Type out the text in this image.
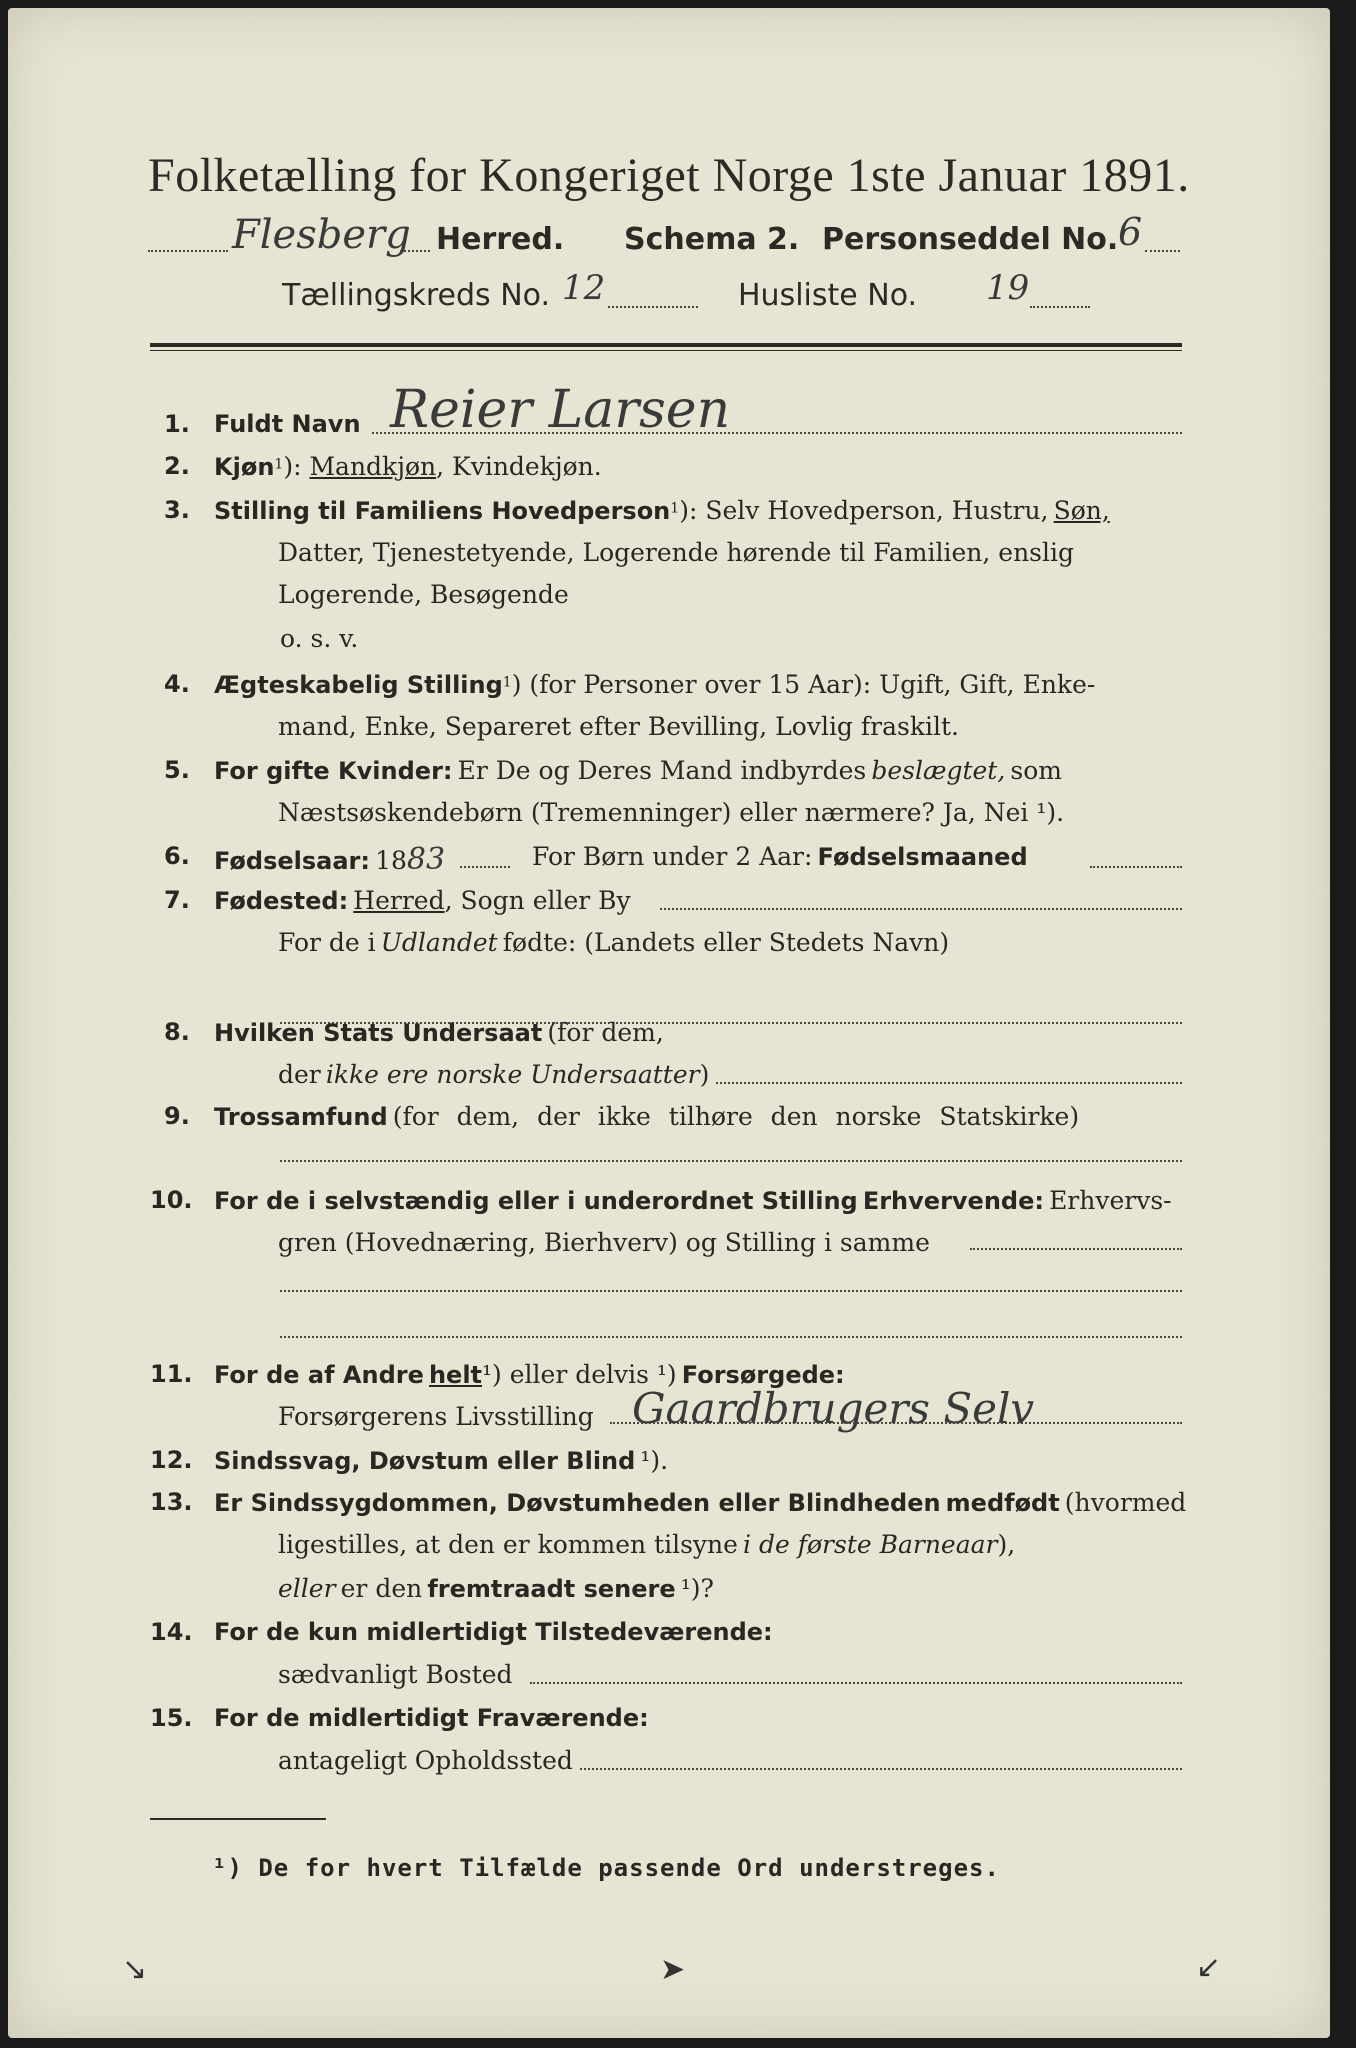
Folketælling for Kongeriget Norge 1ste Januar 1891.
Flesberg Herred. Schema 2. Personseddel No. 6
Tællingskreds No. 12	Husliste No. 19
1. Fuldt Navn Reier Larsen
2. Kjøn$^1$): Mandkjøn, Kvindekjøn.
3. Stilling til Familiens Hovedperson$^1$): Selv Hovedperson, Hustru, Søn,
Datter, Tjenestetyende, Logerende hørende til Familien, enslig
Logerende, Besøgende
o. s. v.
4. Ægteskabelig Stilling$^1$) (for Personer over 15 Aar): Ugift, Gift, Enke-
mand, Enke, Separeret efter Bevilling, Lovlig fraskilt.
5. For gifte Kvinder: Er De og Deres Mand indbyrdes beslægtet, som
Næstsøskendebørn (Tremenninger) eller nærmere? Ja, Nei ¹).
6. Fødselsaar: 1883	For Børn under 2 Aar: Fødselsmaaned
7. Fødested: Herred, Sogn eller By
For de i Udlandet fødte: (Landets eller Stedets Navn)
8. Hvilken Stats Undersaat (for dem,
der ikke ere norske Undersaatter)
9. Trossamfund (for dem, der ikke tilhøre den norske Statskirke)
10. For de i selvstændig eller i underordnet Stilling Erhvervende: Erhvervs-
gren (Hovednæring, Bierhverv) og Stilling i samme
11. For de af Andre helt¹) eller delvis ¹) Forsørgede:
Forsørgerens Livsstilling Gaardbrugers Selv
12. Sindssvag, Døvstum eller Blind ¹).
13. Er Sindssygdommen, Døvstumheden eller Blindheden medfødt (hvormed
ligestilles, at den er kommen tilsyne i de første Barneaar),
eller er den fremtraadt senere ¹)?
14. For de kun midlertidigt Tilstedeværende:
sædvanligt Bosted
15. For de midlertidigt Fraværende:
antageligt Opholdssted
¹) De for hvert Tilfælde passende Ord understreges.
↘	➤	↙
